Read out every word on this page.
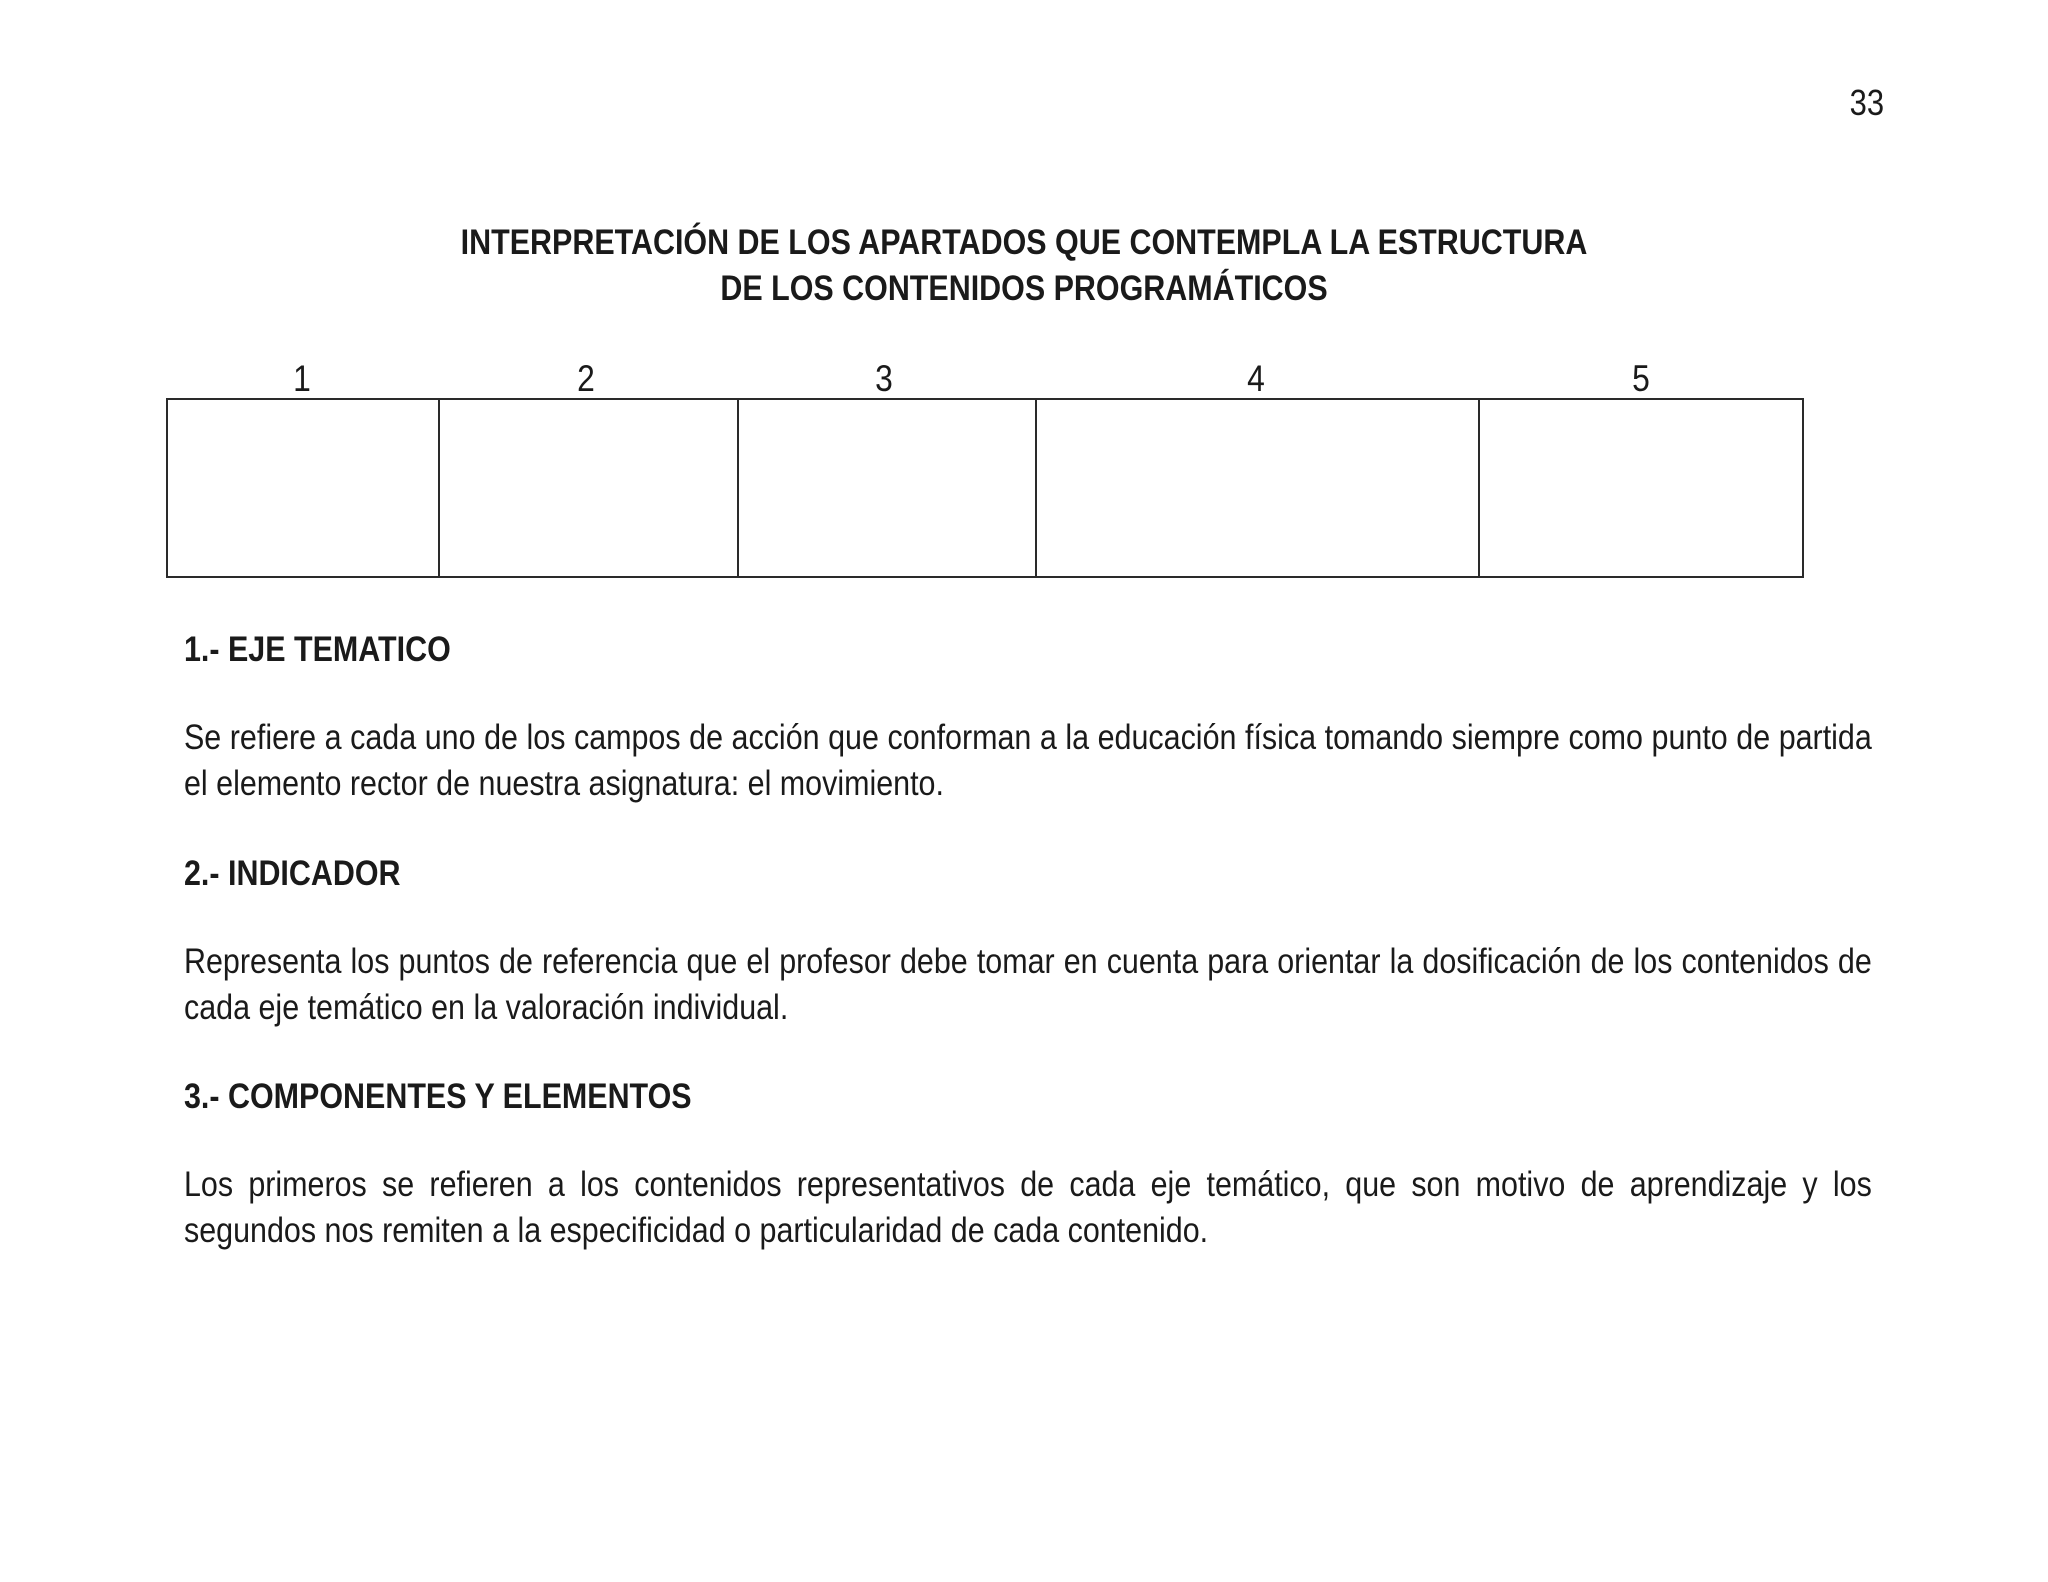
33
INTERPRETACIÓN DE LOS APARTADOS QUE CONTEMPLA LA ESTRUCTURA
DE LOS CONTENIDOS PROGRAMÁTICOS
1	2	3	4	5
1.- EJE TEMATICO
Se refiere a cada uno de los campos de acción que conforman a la educación física tomando siempre como punto de partida el elemento rector de nuestra asignatura: el movimiento.
2.- INDICADOR
Representa los puntos de referencia que el profesor debe tomar en cuenta para orientar la dosificación de los contenidos de cada eje temático en la valoración individual.
3.- COMPONENTES Y ELEMENTOS
Los primeros se refieren a los contenidos representativos de cada eje temático, que son motivo de aprendizaje y los segundos nos remiten a la especificidad o particularidad de cada contenido.
